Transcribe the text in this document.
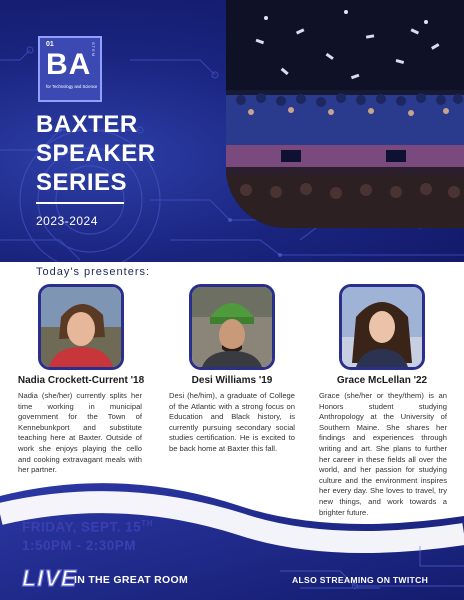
01	STEM
BA
for Technology and Science
BAXTER
SPEAKER
SERIES
2023-2024
Today's presenters:
Nadia Crockett-Current '18
Nadia (she/her) currently splits her time working in municipal government for the Town of Kennebunkport and substitute teaching here at Baxter. Outside of work she enjoys playing the cello and cooking extravagant meals with her partner.
Desi Williams '19
Desi (he/him), a graduate of College of the Atlantic with a strong focus on Education and Black history, is currently pursuing secondary social studies certification. He is excited to be back home at Baxter this fall.
Grace McLellan '22
Grace (she/her or they/them) is an Honors student studying Anthropology at the University of Southern Maine. She shares her findings and experiences through writing and art. She plans to further her career in these fields all over the world, and her passion for studying culture and the environment inspires her every day. She loves to travel, try new things, and work towards a brighter future.
FRIDAY, SEPT. 15TH
1:50PM - 2:30PM
LIVE
IN THE GREAT ROOM	ALSO STREAMING ON TWITCH
